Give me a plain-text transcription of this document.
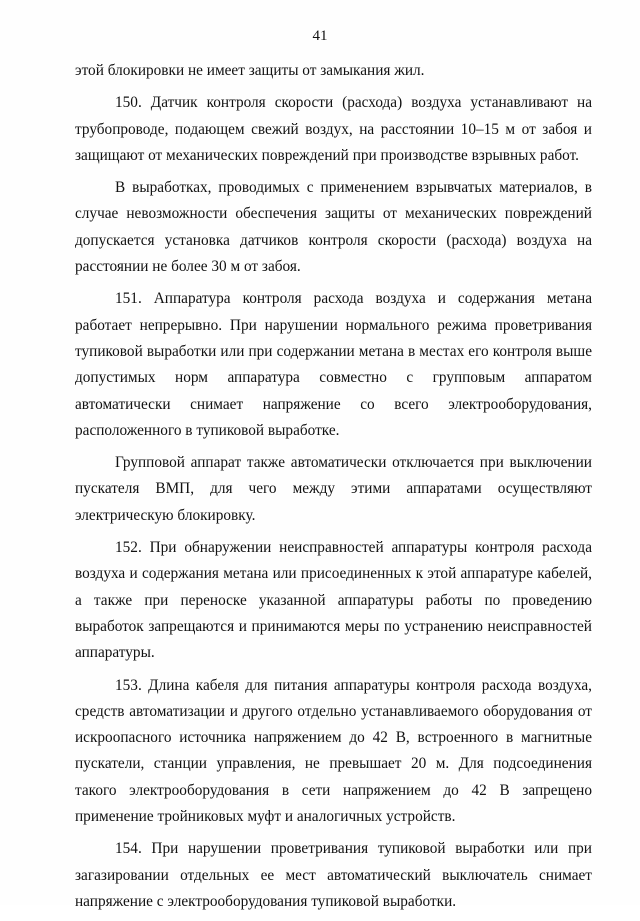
41

этой блокировки не имеет защиты от замыкания жил.

150. Датчик контроля скорости (расхода) воздуха устанавливают на трубопроводе, подающем свежий воздух, на расстоянии 10–15 м от забоя и защищают от механических повреждений при производстве взрывных работ.

В выработках, проводимых с применением взрывчатых материалов, в случае невозможности обеспечения защиты от механических повреждений допускается установка датчиков контроля скорости (расхода) воздуха на расстоянии не более 30 м от забоя.

151. Аппаратура контроля расхода воздуха и содержания метана работает непрерывно. При нарушении нормального режима проветривания тупиковой выработки или при содержании метана в местах его контроля выше допустимых норм аппаратура совместно с групповым аппаратом автоматически снимает напряжение со всего электрооборудования, расположенного в тупиковой выработке.

Групповой аппарат также автоматически отключается при выключении пускателя ВМП, для чего между этими аппаратами осуществляют электрическую блокировку.

152. При обнаружении неисправностей аппаратуры контроля расхода воздуха и содержания метана или присоединенных к этой аппаратуре кабелей, а также при переноске указанной аппаратуры работы по проведению выработок запрещаются и принимаются меры по устранению неисправностей аппаратуры.

153. Длина кабеля для питания аппаратуры контроля расхода воздуха, средств автоматизации и другого отдельно устанавливаемого оборудования от искроопасного источника напряжением до 42 В, встроенного в магнитные пускатели, станции управления, не превышает 20 м. Для подсоединения такого электрооборудования в сети напряжением до 42 В запрещено применение тройниковых муфт и аналогичных устройств.

154. При нарушении проветривания тупиковой выработки или при загазировании отдельных ее мест автоматический выключатель снимает напряжение с электрооборудования тупиковой выработки.
